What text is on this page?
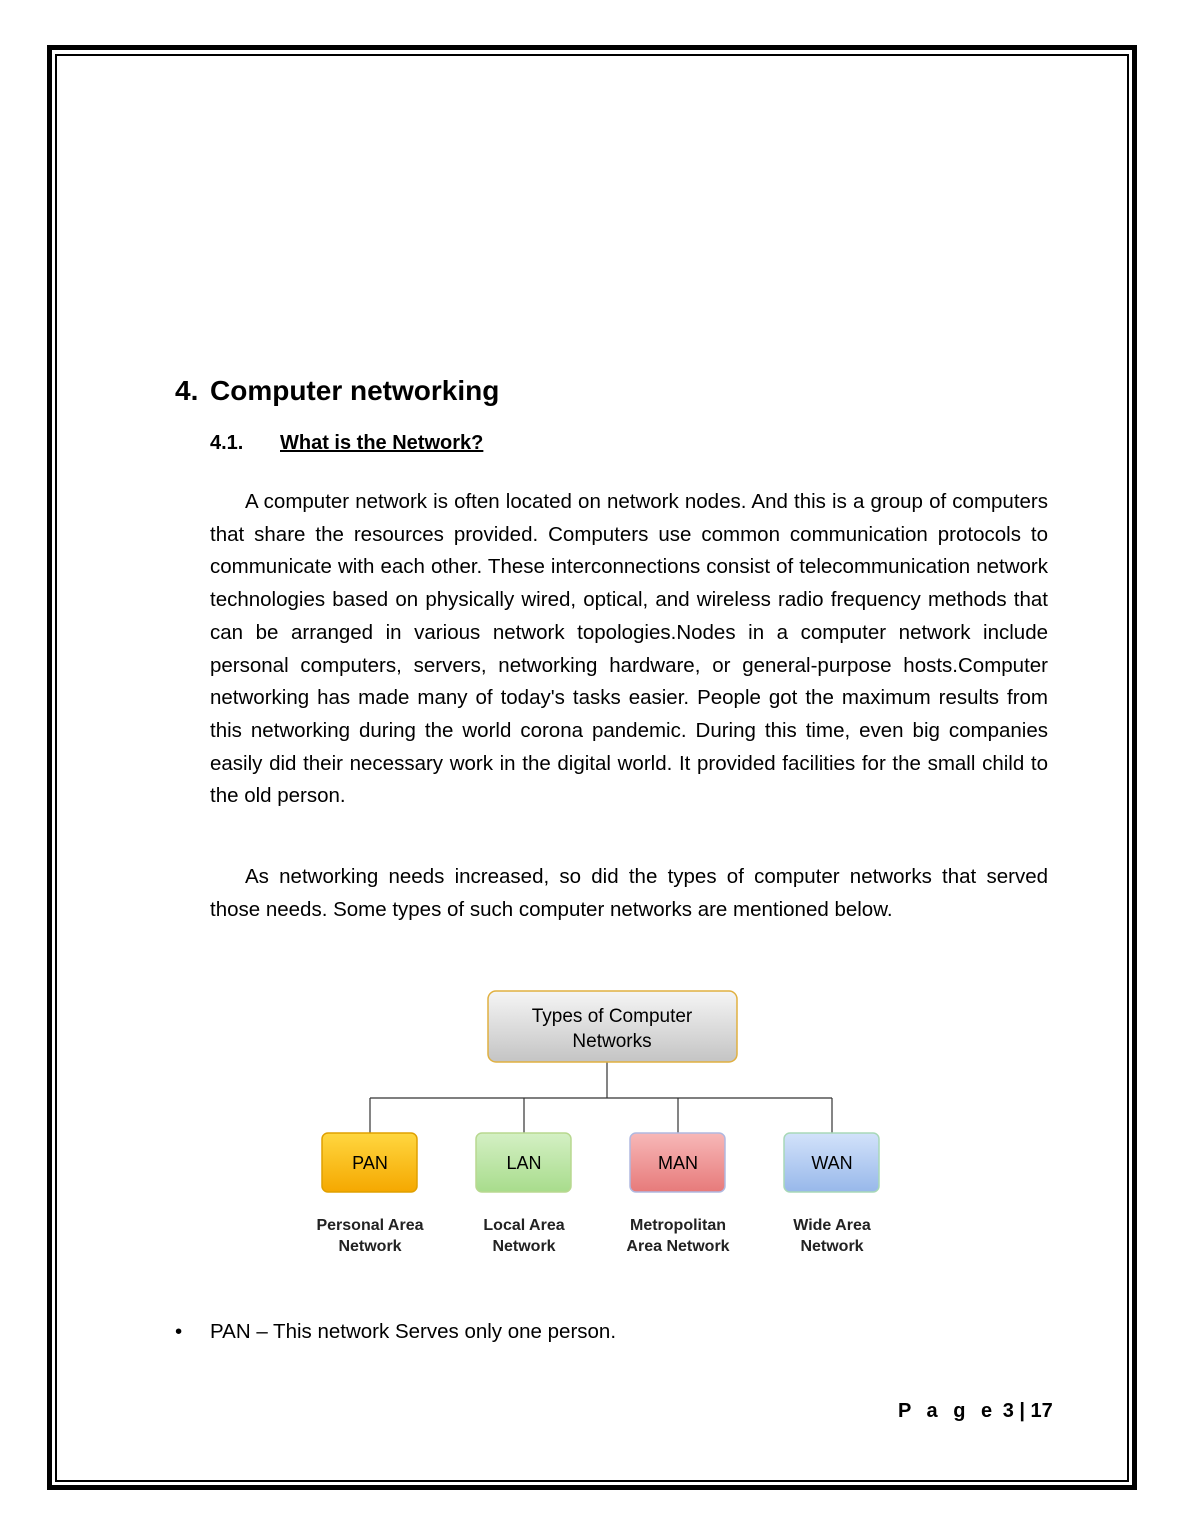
4. Computer networking
4.1. What is the Network?

A computer network is often located on network nodes. And this is a group of computers that share the resources provided. Computers use common communication protocols to communicate with each other. These interconnections consist of telecommunication network technologies based on physically wired, optical, and wireless radio frequency methods that can be arranged in various network topologies.Nodes in a computer network include personal computers, servers, networking hardware, or general-purpose hosts.Computer networking has made many of today's tasks easier. People got the maximum results from this networking during the world corona pandemic. During this time, even big companies easily did their necessary work in the digital world. It provided facilities for the small child to the old person.

As networking needs increased, so did the types of computer networks that served those needs. Some types of such computer networks are mentioned below.

Types of Computer
Networks
PAN
Personal Area
Network
LAN
Local Area
Network
MAN
Metropolitan
Area Network
WAN
Wide Area
Network
• PAN – This network Serves only one person.
P a g e 3 | 17
